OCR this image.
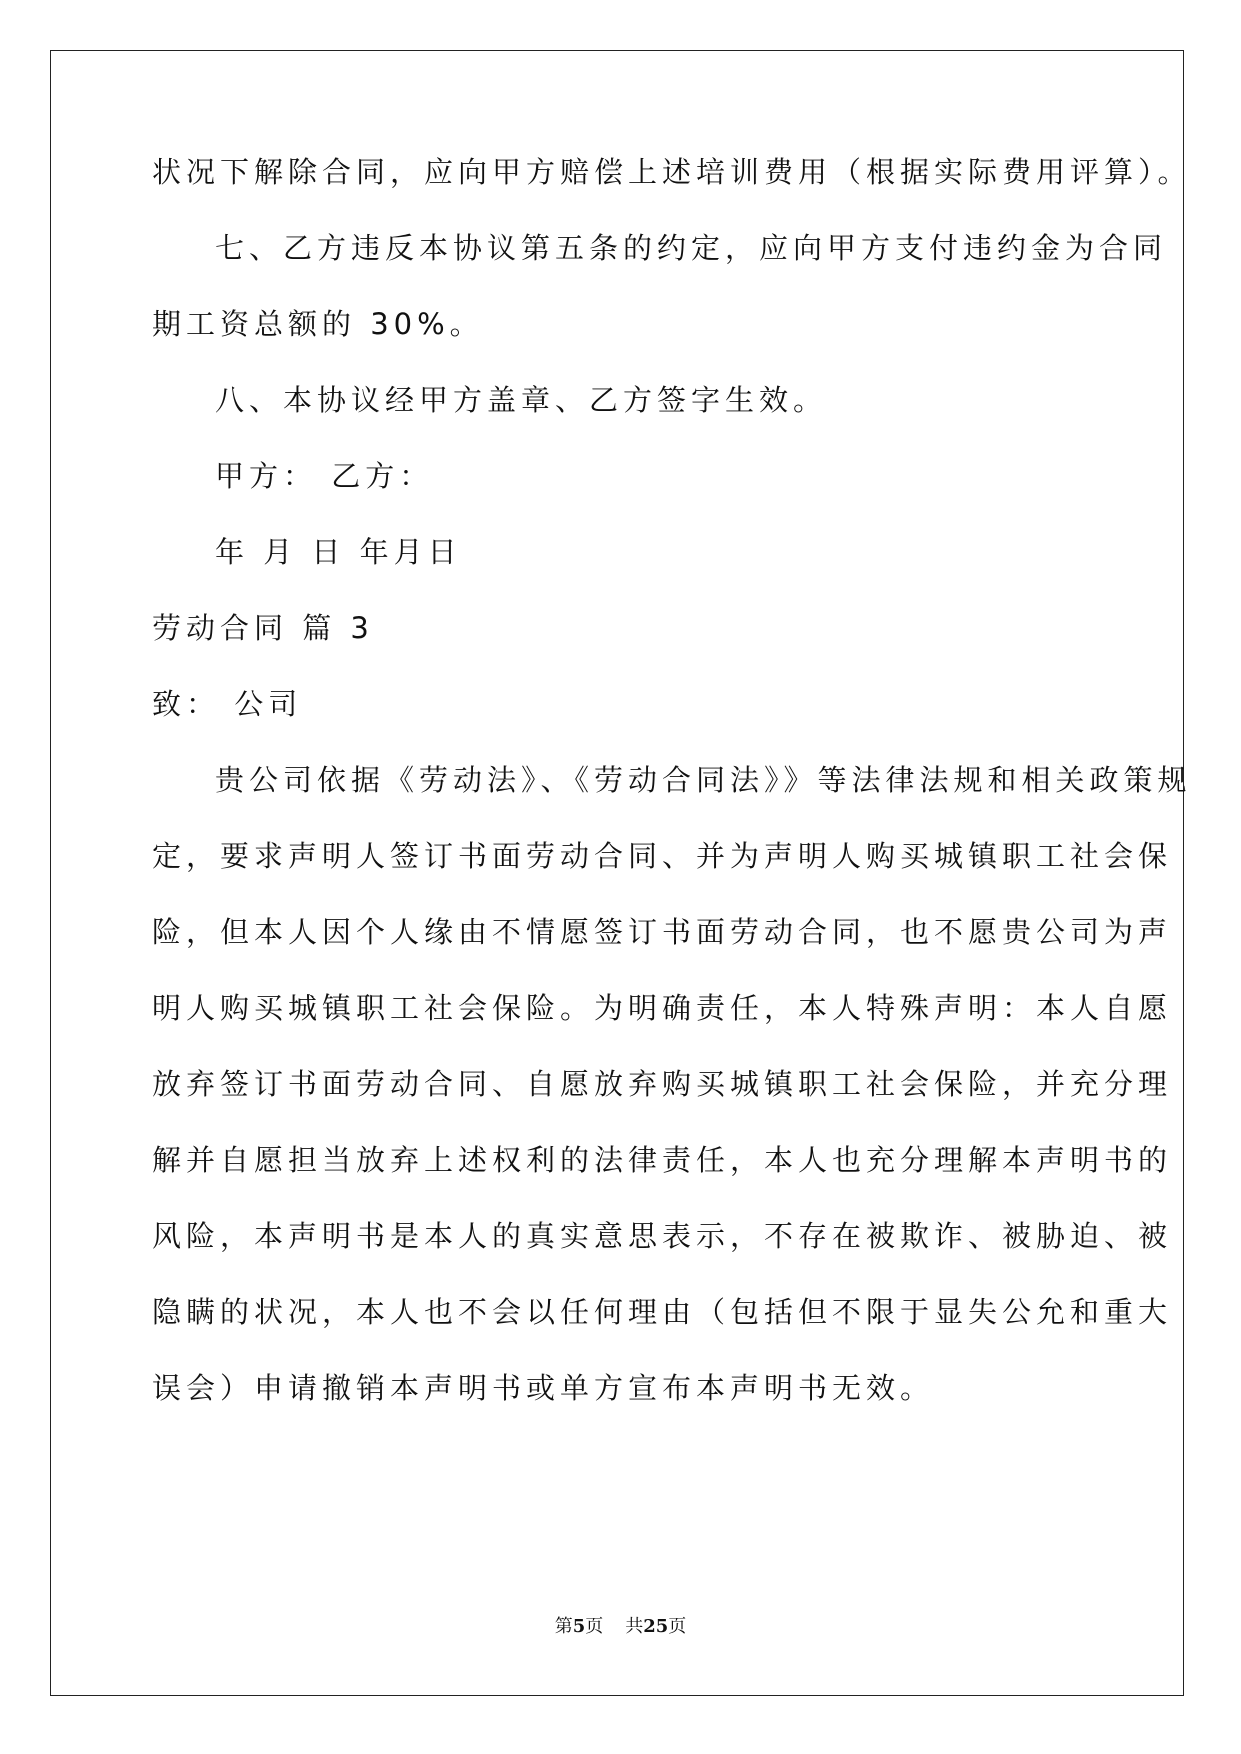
状况下解除合同，应向甲方赔偿上述培训费用（根据实际费用评算）。
七、乙方违反本协议第五条的约定，应向甲方支付违约金为合同
期工资总额的 30%。
八、本协议经甲方盖章、乙方签字生效。
甲方： 乙方：
年 月 日 年月日
劳动合同 篇 3
致： 公司
贵公司依据《劳动法》、《劳动合同法》》等法律法规和相关政策规
定，要求声明人签订书面劳动合同、并为声明人购买城镇职工社会保
险，但本人因个人缘由不情愿签订书面劳动合同，也不愿贵公司为声
明人购买城镇职工社会保险。为明确责任，本人特殊声明：本人自愿
放弃签订书面劳动合同、自愿放弃购买城镇职工社会保险，并充分理
解并自愿担当放弃上述权利的法律责任，本人也充分理解本声明书的
风险，本声明书是本人的真实意思表示，不存在被欺诈、被胁迫、被
隐瞒的状况，本人也不会以任何理由（包括但不限于显失公允和重大
误会）申请撤销本声明书或单方宣布本声明书无效。
第5页 共25页
